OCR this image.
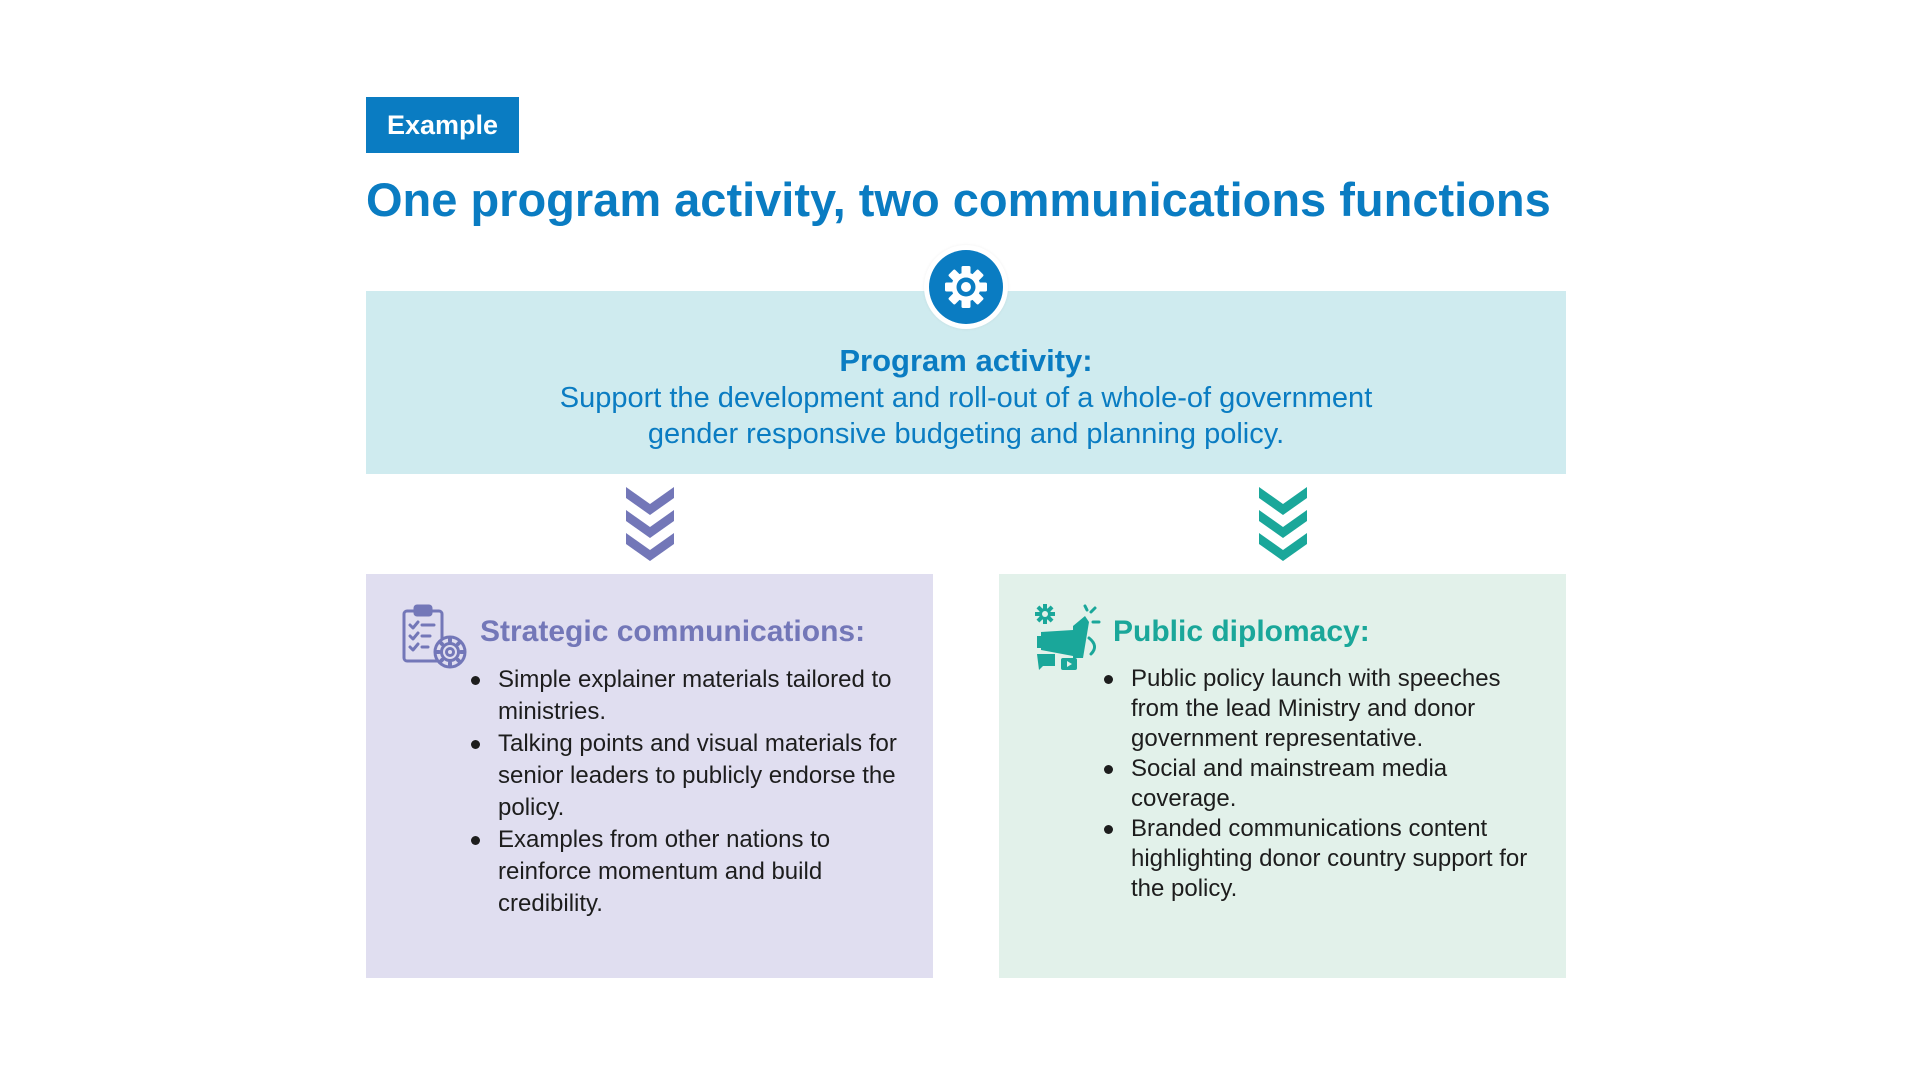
Example
One program activity, two communications functions
Program activity:
Support the development and roll-out of a whole-of government
gender responsive budgeting and planning policy.
Strategic communications:
Simple explainer materials tailored to ministries.
Talking points and visual materials for senior leaders to publicly endorse the policy.
Examples from other nations to reinforce momentum and build credibility.
Public diplomacy:
Public policy launch with speeches from the lead Ministry and donor government representative.
Social and mainstream media coverage.
Branded communications content highlighting donor country support for the policy.
